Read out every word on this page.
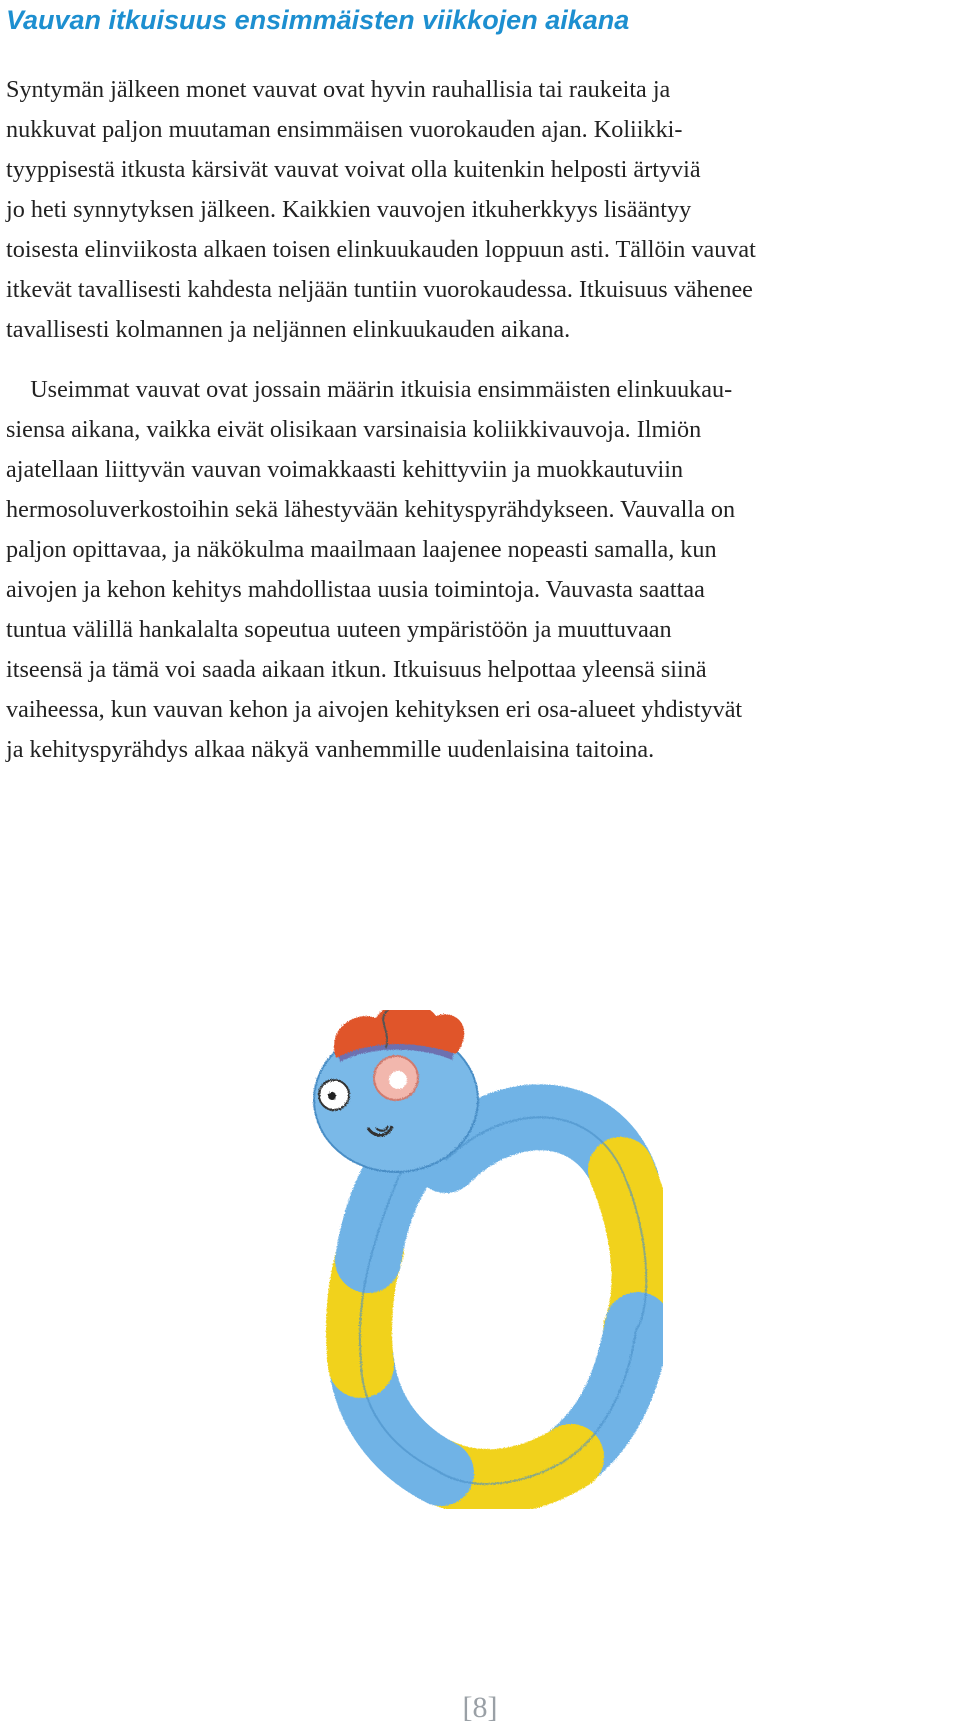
Vauvan itkuisuus ensimmäisten viikkojen aikana

Syntymän jälkeen monet vauvat ovat hyvin rauhallisia tai raukeita ja
nukkuvat paljon muutaman ensimmäisen vuorokauden ajan. Koliikki-
tyyppisestä itkusta kärsivät vauvat voivat olla kuitenkin helposti ärtyviä
jo heti synnytyksen jälkeen. Kaikkien vauvojen itkuherkkyys lisääntyy
toisesta elinviikosta alkaen toisen elinkuukauden loppuun asti. Tällöin vauvat
itkevät tavallisesti kahdesta neljään tuntiin vuorokaudessa. Itkuisuus vähenee
tavallisesti kolmannen ja neljännen elinkuukauden aikana.

 Useimmat vauvat ovat jossain määrin itkuisia ensimmäisten elinkuukau-
siensa aikana, vaikka eivät olisikaan varsinaisia koliikkivauvoja. Ilmiön
ajatellaan liittyvän vauvan voimakkaasti kehittyviin ja muokkautuviin
hermosoluverkostoihin sekä lähestyvään kehityspyrähdykseen. Vauvalla on
paljon opittavaa, ja näkökulma maailmaan laajenee nopeasti samalla, kun
aivojen ja kehon kehitys mahdollistaa uusia toimintoja. Vauvasta saattaa
tuntua välillä hankalalta sopeutua uuteen ympäristöön ja muuttuvaan
itseensä ja tämä voi saada aikaan itkun. Itkuisuus helpottaa yleensä siinä
vaiheessa, kun vauvan kehon ja aivojen kehityksen eri osa-alueet yhdistyvät
ja kehityspyrähdys alkaa näkyä vanhemmille uudenlaisina taitoina.

[8]
